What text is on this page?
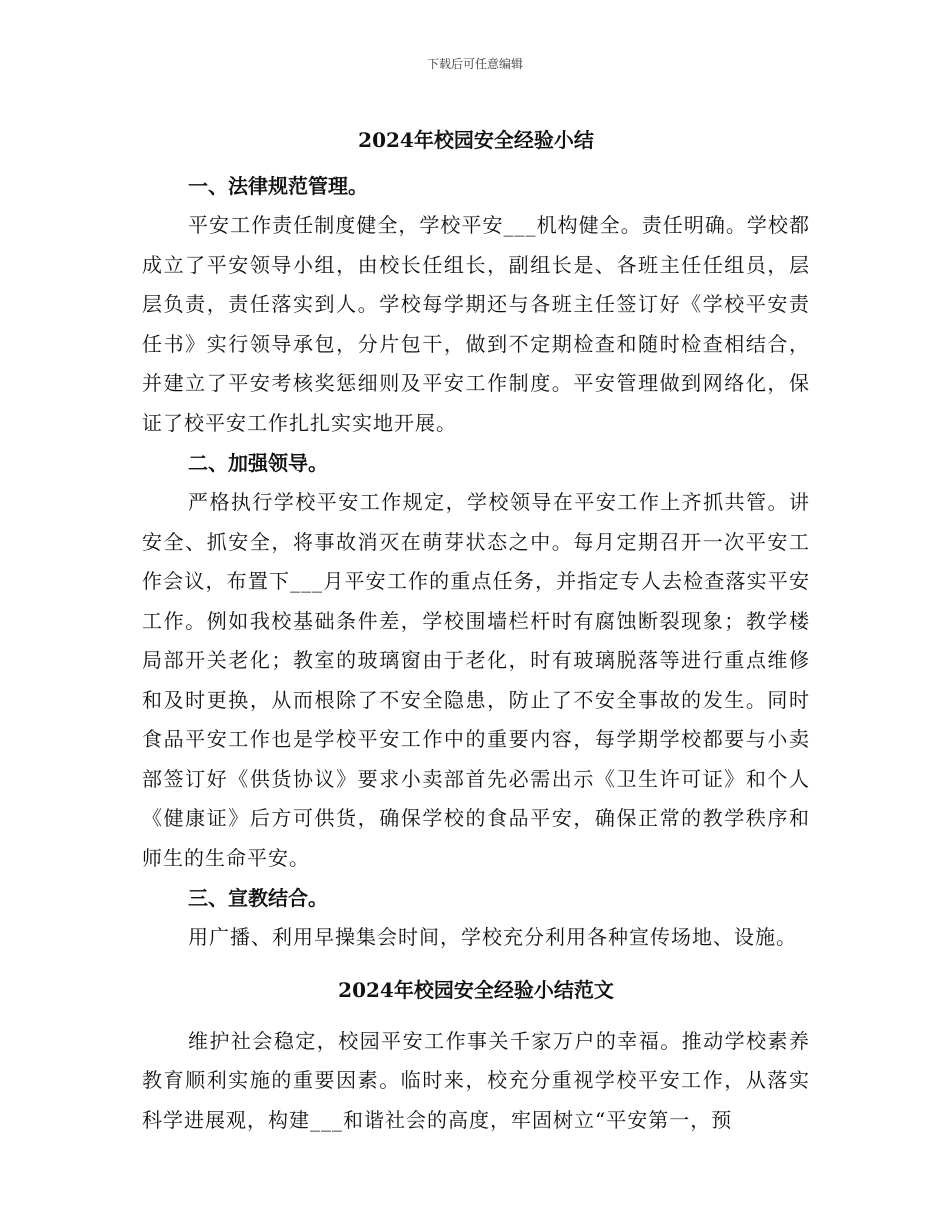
下载后可任意编辑
2024年校园安全经验小结
一、法律规范管理。

平安工作责任制度健全，学校平安___机构健全。责任明确。学校都成立了平安领导小组，由校长任组长，副组长是、各班主任任组员，层层负责，责任落实到人。学校每学期还与各班主任签订好《学校平安责任书》实行领导承包，分片包干，做到不定期检查和随时检查相结合，并建立了平安考核奖惩细则及平安工作制度。平安管理做到网络化，保证了校平安工作扎扎实实地开展。

二、加强领导。

严格执行学校平安工作规定，学校领导在平安工作上齐抓共管。讲安全、抓安全，将事故消灭在萌芽状态之中。每月定期召开一次平安工作会议，布置下___月平安工作的重点任务，并指定专人去检查落实平安工作。例如我校基础条件差，学校围墙栏杆时有腐蚀断裂现象；教学楼局部开关老化；教室的玻璃窗由于老化，时有玻璃脱落等进行重点维修和及时更换，从而根除了不安全隐患，防止了不安全事故的发生。同时食品平安工作也是学校平安工作中的重要内容，每学期学校都要与小卖部签订好《供货协议》要求小卖部首先必需出示《卫生许可证》和个人《健康证》后方可供货，确保学校的食品平安，确保正常的教学秩序和师生的生命平安。

三、宣教结合。

用广播、利用早操集会时间，学校充分利用各种宣传场地、设施。

2024年校园安全经验小结范文

维护社会稳定，校园平安工作事关千家万户的幸福。推动学校素养教育顺利实施的重要因素。临时来，校充分重视学校平安工作，从落实科学进展观，构建___和谐社会的高度，牢固树立“平安第一，预
